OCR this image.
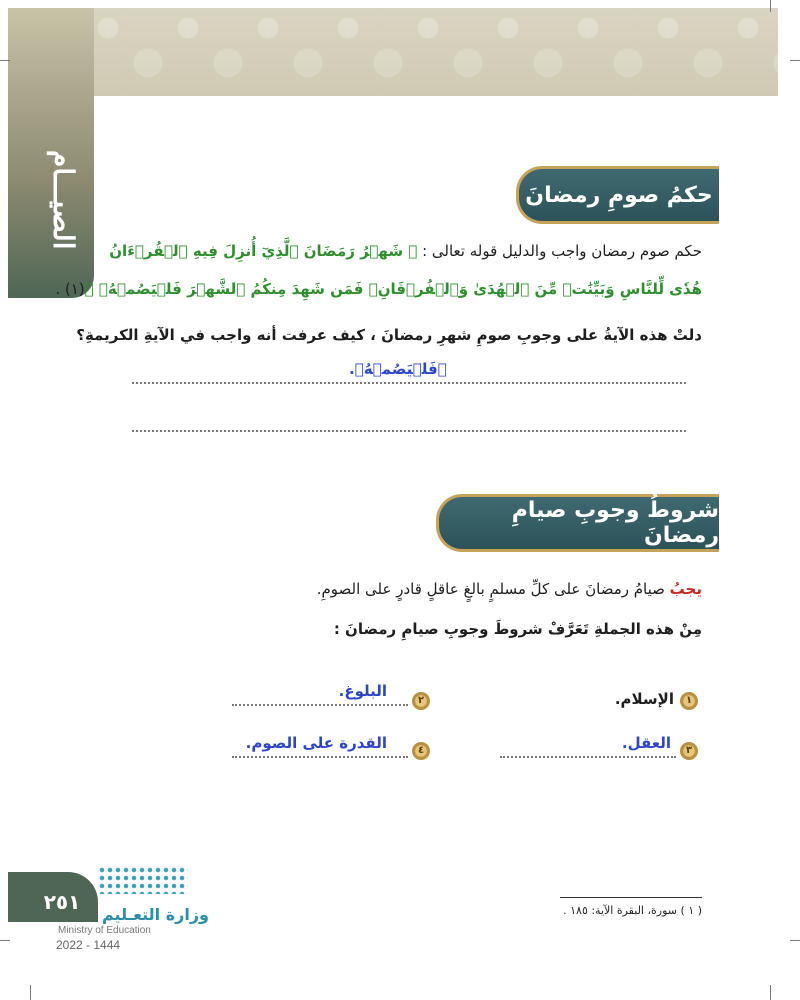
الصيـــام	حكمُ صومِ رمضانَ
حكم صوم رمضان واجب والدليل قوله تعالى : ﴿ شَهۡرُ رَمَضَانَ ٱلَّذِيٓ أُنزِلَ فِيهِ ٱلۡقُرۡءَانُ
هُدٗى لِّلنَّاسِ وَبَيِّنَٰتٖ مِّنَ ٱلۡهُدَىٰ وَٱلۡفُرۡقَانِۚ فَمَن شَهِدَ مِنكُمُ ٱلشَّهۡرَ فَلۡيَصُمۡهُۖ ﴾(١) .
دلتْ هذه الآيةُ على وجوبِ صومِ شهرِ رمضانَ ، كيف عرفت أنه واجب في الآيةِ الكريمةِ؟
﴿فَلۡيَصُمۡهُ﴾.
شروطُ وجوبِ صيامِ رمضانَ
يجبُ صيامُ رمضانَ على كلِّ مسلمٍ بالغٍ عاقلٍ قادرٍ على الصومِ.
مِنْ هذه الجملةِ تَعَرَّفْ شروطَ وجوبِ صيامِ رمضانَ :
١
الإسلام.
٢
البلوغ.
٣
العقل.
٤
القدرة على الصوم.
٢٥١
وزارة التعـليم
Ministry of Education
2022 - 1444
( ١ ) سورة، البقرة الآية: ١٨٥ .
